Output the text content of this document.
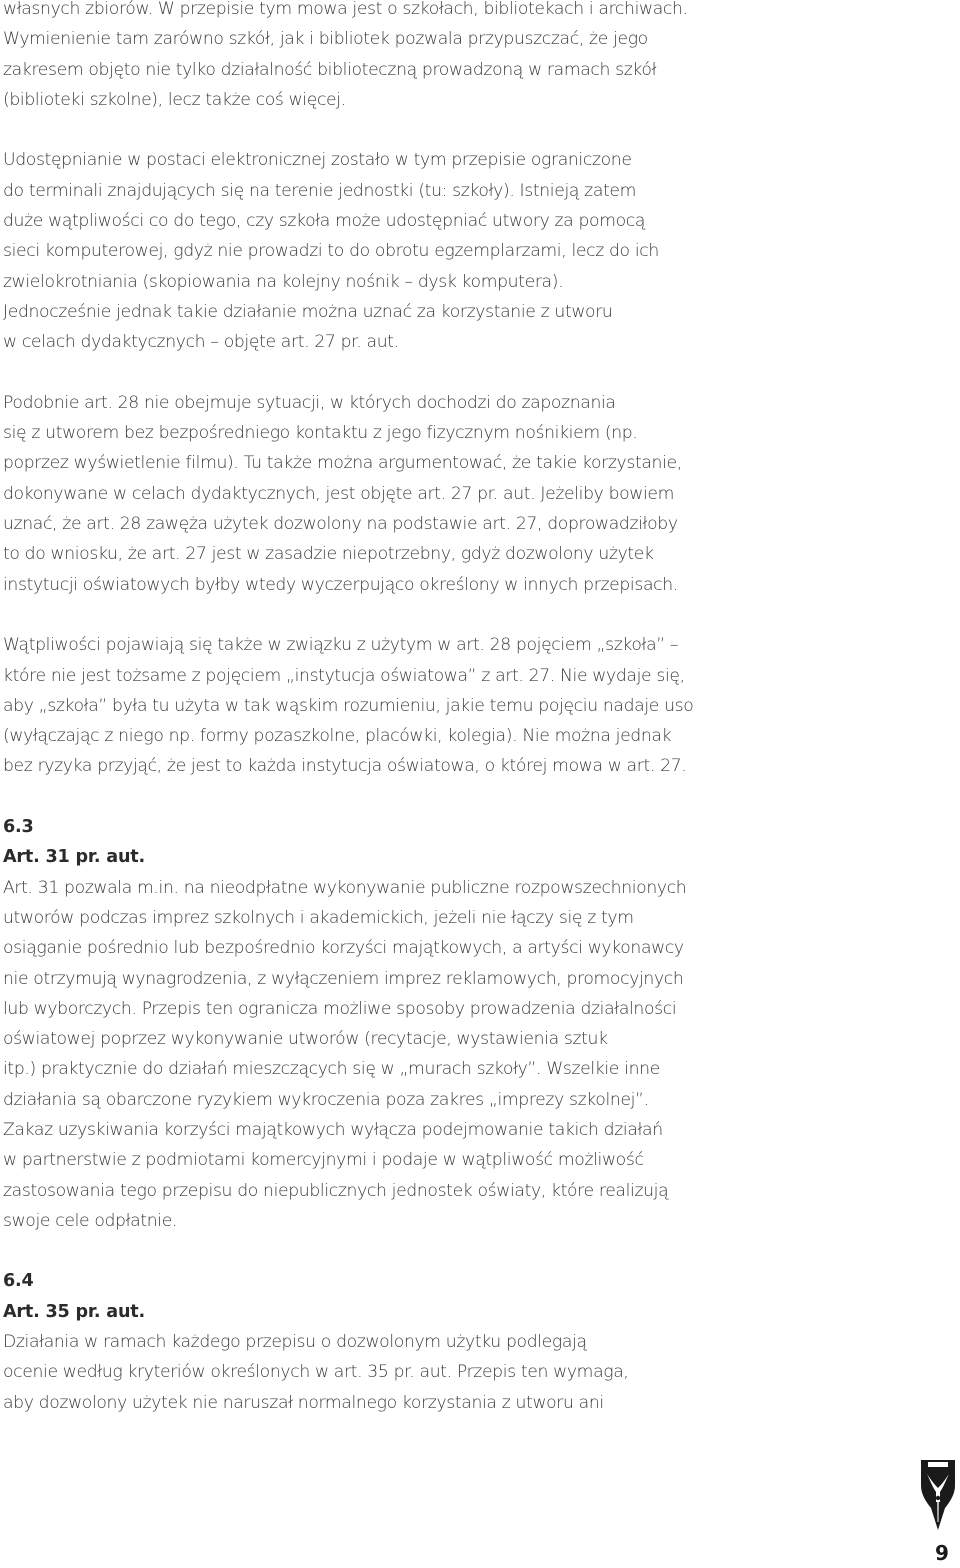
własnych zbiorów. W przepisie tym mowa jest o szkołach, bibliotekach i archiwach.
Wymienienie tam zarówno szkół, jak i bibliotek pozwala przypuszczać, że jego
zakresem objęto nie tylko działalność biblioteczną prowadzoną w ramach szkół
(biblioteki szkolne), lecz także coś więcej.

Udostępnianie w postaci elektronicznej zostało w tym przepisie ograniczone
do terminali znajdujących się na terenie jednostki (tu: szkoły). Istnieją zatem
duże wątpliwości co do tego, czy szkoła może udostępniać utwory za pomocą
sieci komputerowej, gdyż nie prowadzi to do obrotu egzemplarzami, lecz do ich
zwielokrotniania (skopiowania na kolejny nośnik – dysk komputera).
Jednocześnie jednak takie działanie można uznać za korzystanie z utworu
w celach dydaktycznych – objęte art. 27 pr. aut.

Podobnie art. 28 nie obejmuje sytuacji, w których dochodzi do zapoznania
się z utworem bez bezpośredniego kontaktu z jego fizycznym nośnikiem (np.
poprzez wyświetlenie filmu). Tu także można argumentować, że takie korzystanie,
dokonywane w celach dydaktycznych, jest objęte art. 27 pr. aut. Jeżeliby bowiem
uznać, że art. 28 zawęża użytek dozwolony na podstawie art. 27, doprowadziłoby
to do wniosku, że art. 27 jest w zasadzie niepotrzebny, gdyż dozwolony użytek
instytucji oświatowych byłby wtedy wyczerpująco określony w innych przepisach.

Wątpliwości pojawiają się także w związku z użytym w art. 28 pojęciem „szkoła” –
które nie jest tożsame z pojęciem „instytucja oświatowa” z art. 27. Nie wydaje się,
aby „szkoła” była tu użyta w tak wąskim rozumieniu, jakie temu pojęciu nadaje uso
(wyłączając z niego np. formy pozaszkolne, placówki, kolegia). Nie można jednak
bez ryzyka przyjąć, że jest to każda instytucja oświatowa, o której mowa w art. 27.

6.3
Art. 31 pr. aut.

Art. 31 pozwala m.in. na nieodpłatne wykonywanie publiczne rozpowszechnionych
utworów podczas imprez szkolnych i akademickich, jeżeli nie łączy się z tym
osiąganie pośrednio lub bezpośrednio korzyści majątkowych, a artyści wykonawcy
nie otrzymują wynagrodzenia, z wyłączeniem imprez reklamowych, promocyjnych
lub wyborczych. Przepis ten ogranicza możliwe sposoby prowadzenia działalności
oświatowej poprzez wykonywanie utworów (recytacje, wystawienia sztuk
itp.) praktycznie do działań mieszczących się w „murach szkoły”. Wszelkie inne
działania są obarczone ryzykiem wykroczenia poza zakres „imprezy szkolnej”.
Zakaz uzyskiwania korzyści majątkowych wyłącza podejmowanie takich działań
w partnerstwie z podmiotami komercyjnymi i podaje w wątpliwość możliwość
zastosowania tego przepisu do niepublicznych jednostek oświaty, które realizują
swoje cele odpłatnie.

6.4
Art. 35 pr. aut.

Działania w ramach każdego przepisu o dozwolonym użytku podlegają
ocenie według kryteriów określonych w art. 35 pr. aut. Przepis ten wymaga,
aby dozwolony użytek nie naruszał normalnego korzystania z utworu ani

9
